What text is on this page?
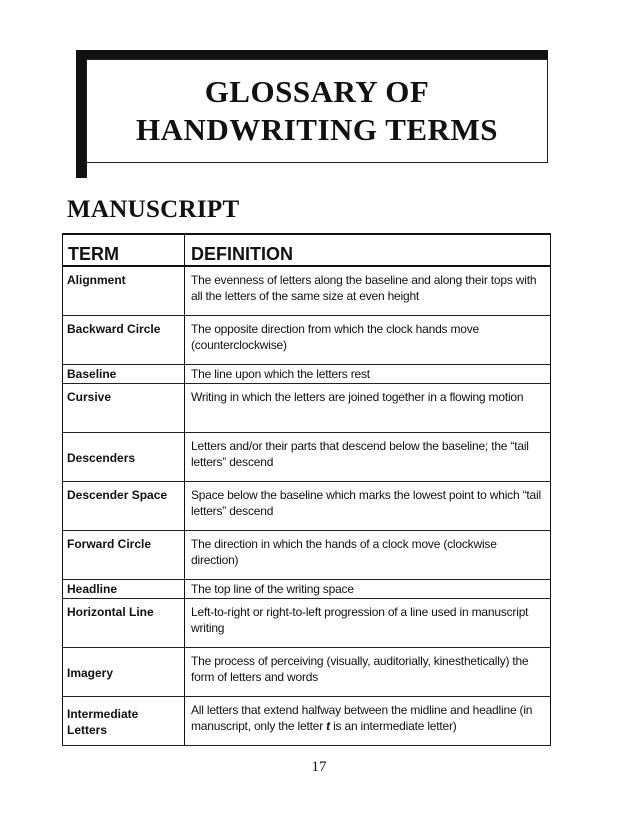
GLOSSARY OF
HANDWRITING TERMS
MANUSCRIPT
TERM	DEFINITION
Alignment	The evenness of letters along the baseline and along their tops with all the letters of the same size at even height
Backward Circle	The opposite direction from which the clock hands move (counterclockwise)
Baseline	The line upon which the letters rest
Cursive	Writing in which the letters are joined together in a flowing motion
Descenders	Letters and/or their parts that descend below the baseline; the “tail letters” descend
Descender Space	Space below the baseline which marks the lowest point to which “tail letters” descend
Forward Circle	The direction in which the hands of a clock move (clockwise direction)
Headline	The top line of the writing space
Horizontal Line	Left-to-right or right-to-left progression of a line used in manuscript writing
Imagery	The process of perceiving (visually, auditorially, kinesthetically) the form of letters and words
Intermediate Letters	All letters that extend halfway between the midline and headline (in manuscript, only the letter t is an intermediate letter)
17
